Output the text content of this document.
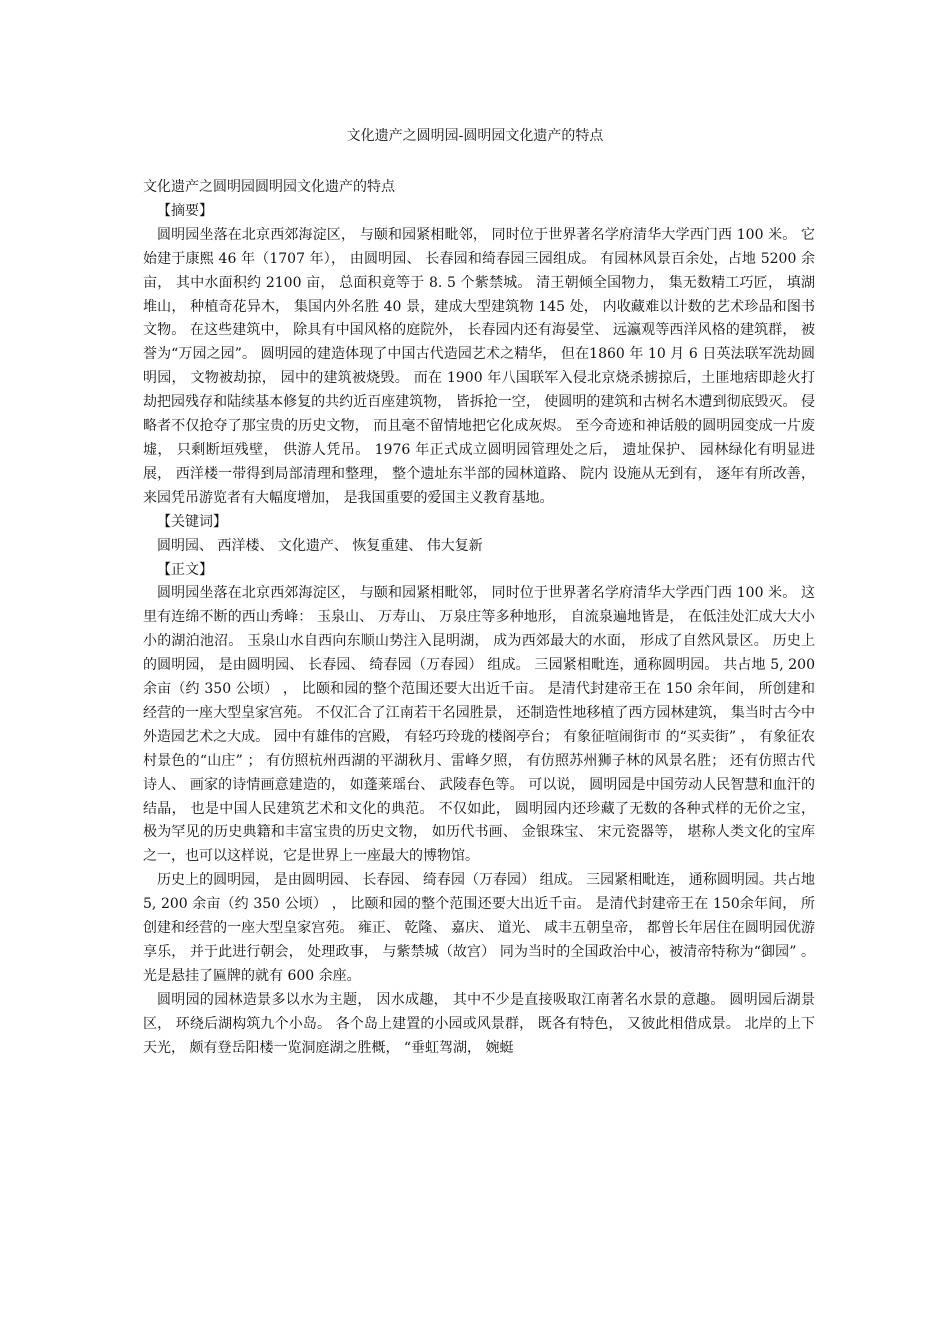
文化遗产之圆明园-圆明园文化遗产的特点

文化遗产之圆明园圆明园文化遗产的特点

【摘要】

圆明园坐落在北京西郊海淀区， 与颐和园紧相毗邻， 同时位于世界著名学府清华大学西门西 100 米。 它始建于康熙 46 年（1707 年）， 由圆明园、 长春园和绮春园三园组成。 有园林风景百余处，占地 5200 余亩， 其中水面积约 2100 亩， 总面积竟等于 8. 5 个紫禁城。 清王朝倾全国物力， 集无数精工巧匠， 填湖堆山， 种植奇花异木， 集国内外名胜 40 景，建成大型建筑物 145 处， 内收藏难以计数的艺术珍品和图书文物。 在这些建筑中， 除具有中国风格的庭院外， 长春园内还有海晏堂、 远瀛观等西洋风格的建筑群， 被誉为“万园之园”。 圆明园的建造体现了中国古代造园艺术之精华， 但在1860 年 10 月 6 日英法联军洗劫圆明园， 文物被劫掠， 园中的建筑被烧毁。 而在 1900 年八国联军入侵北京烧杀掳掠后，土匪地痞即趁火打劫把园残存和陆续基本修复的共约近百座建筑物， 皆拆抢一空， 使圆明的建筑和古树名木遭到彻底毁灭。 侵略者不仅抢夺了那宝贵的历史文物， 而且毫不留情地把它化成灰烬。 至今奇迹和神话般的圆明园变成一片废墟， 只剩断垣残壁， 供游人凭吊。 1976 年正式成立圆明园管理处之后， 遗址保护、 园林绿化有明显进展， 西洋楼一带得到局部清理和整理， 整个遗址东半部的园林道路、 院内 设施从无到有， 逐年有所改善， 来园凭吊游览者有大幅度增加， 是我国重要的爱国主义教育基地。

【关键词】

圆明园、 西洋楼、 文化遗产、 恢复重建、 伟大复新

【正文】

圆明园坐落在北京西郊海淀区， 与颐和园紧相毗邻， 同时位于世界著名学府清华大学西门西 100 米。 这里有连绵不断的西山秀峰： 玉泉山、 万寿山、 万泉庄等多种地形， 自流泉遍地皆是， 在低洼处汇成大大小小的湖泊池沼。 玉泉山水自西向东顺山势注入昆明湖， 成为西郊最大的水面， 形成了自然风景区。 历史上的圆明园， 是由圆明园、 长春园、 绮春园（万春园） 组成。 三园紧相毗连，通称圆明园。 共占地 5, 200 余亩（约 350 公顷） ， 比颐和园的整个范围还要大出近千亩。 是清代封建帝王在 150 余年间， 所创建和经营的一座大型皇家宫苑。 不仅汇合了江南若干名园胜景， 还制造性地移植了西方园林建筑， 集当时古今中外造园艺术之大成。 园中有雄伟的宫殿， 有轻巧玲珑的楼阁亭台； 有象征喧闹街市 的“买卖街” ， 有象征农村景色的“山庄” ； 有仿照杭州西湖的平湖秋月、雷峰夕照， 有仿照苏州狮子林的风景名胜； 还有仿照古代诗人、 画家的诗情画意建造的， 如蓬莱瑶台、 武陵春色等。 可以说， 圆明园是中国劳动人民智慧和血汗的结晶， 也是中国人民建筑艺术和文化的典范。 不仅如此， 圆明园内还珍藏了无数的各种式样的无价之宝， 极为罕见的历史典籍和丰富宝贵的历史文物， 如历代书画、 金银珠宝、 宋元瓷器等， 堪称人类文化的宝库之一，也可以这样说，它是世界上一座最大的博物馆。

历史上的圆明园， 是由圆明园、 长春园、 绮春园（万春园） 组成。 三园紧相毗连， 通称圆明园。共占地 5, 200 余亩（约 350 公顷） ， 比颐和园的整个范围还要大出近千亩。 是清代封建帝王在 150余年间， 所创建和经营的一座大型皇家宫苑。 雍正、 乾隆、 嘉庆、 道光、 咸丰五朝皇帝， 都曾长年居住在圆明园优游享乐， 并于此进行朝会， 处理政事， 与紫禁城（故宫） 同为当时的全国政治中心，被清帝特称为“御园” 。 光是悬挂了匾牌的就有 600 余座。

圆明园的园林造景多以水为主题， 因水成趣， 其中不少是直接吸取江南著名水景的意趣。 圆明园后湖景区， 环绕后湖构筑九个小岛。 各个岛上建置的小园或风景群， 既各有特色， 又彼此相借成景。 北岸的上下天光， 颇有登岳阳楼一览洞庭湖之胜概， “垂虹驾湖， 婉蜓
